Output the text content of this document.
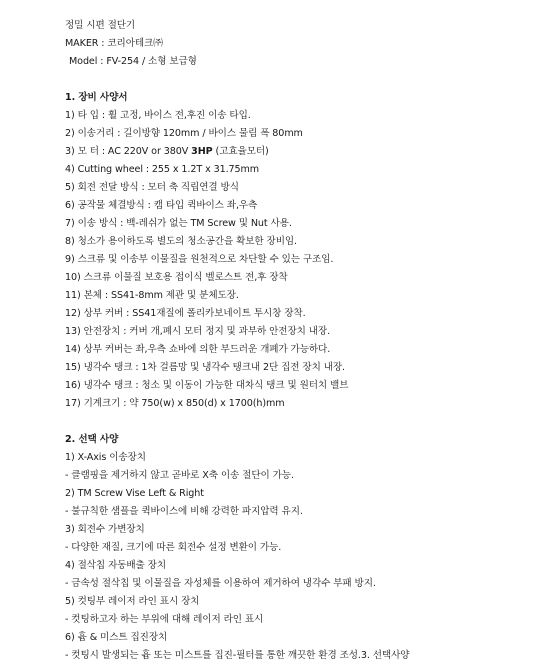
정밀 시편 절단기
MAKER : 코리아테크㈜
Model : FV-254 / 소형 보급형
1. 장비 사양서
1) 타 입 : 휠 고정, 바이스 전,후진 이송 타입.
2) 이송거리 : 길이방향 120mm / 바이스 물림 폭 80mm
3) 모 터 : AC 220V or 380V 3HP (고효율모터)
4) Cutting wheel : 255 x 1.2T x 31.75mm
5) 회전 전달 방식 : 모터 축 직립연결 방식
6) 공작물 체결방식 : 캠 타입 퀵바이스 좌,우측
7) 이송 방식 : 백-레쉬가 없는 TM Screw 및 Nut 사용.
8) 청소가 용이하도록 별도의 청소공간을 확보한 장비임.
9) 스크류 및 이송부 이물질을 원천적으로 차단할 수 있는 구조임.
10) 스크류 이물질 보호용 접이식 벨로스트 전,후 장착
11) 본체 : SS41-8mm 제관 및 분체도장.
12) 상부 커버 : SS41재질에 폴리카보네이트 투시창 장착.
13) 안전장치 : 커버 개,폐시 모터 정지 및 과부하 안전장치 내장.
14) 상부 커버는 좌,우측 쇼바에 의한 부드러운 개폐가 가능하다.
15) 냉각수 탱크 : 1차 걸름망 및 냉각수 탱크내 2단 집전 장치 내장.
16) 냉각수 탱크 : 청소 및 이동이 가능한 대차식 탱크 및 원터치 밸브
17) 기계크기 : 약 750(w) x 850(d) x 1700(h)mm
2. 선택 사양
1) X-Axis 이송장치
- 클램핑을 제거하지 않고 곧바로 X축 이송 절단이 가능.
2) TM Screw Vise Left & Right
- 불규칙한 샘플을 퀵바이스에 비해 강력한 파지압력 유지.
3) 회전수 가변장치
- 다양한 재질, 크기에 따른 회전수 설정 변환이 가능.
4) 절삭칩 자동배출 장치
- 금속성 절삭칩 및 이물질을 자성체를 이용하여 제거하여 냉각수 부패 방지.
5) 컷팅부 레이저 라인 표시 장치
- 컷팅하고자 하는 부위에 대해 레이저 라인 표시
6) 흄 & 미스트 집진장치
- 컷팅시 발생되는 흄 또는 미스트를 집진-필터를 통한 깨끗한 환경 조성.3. 선택사양
